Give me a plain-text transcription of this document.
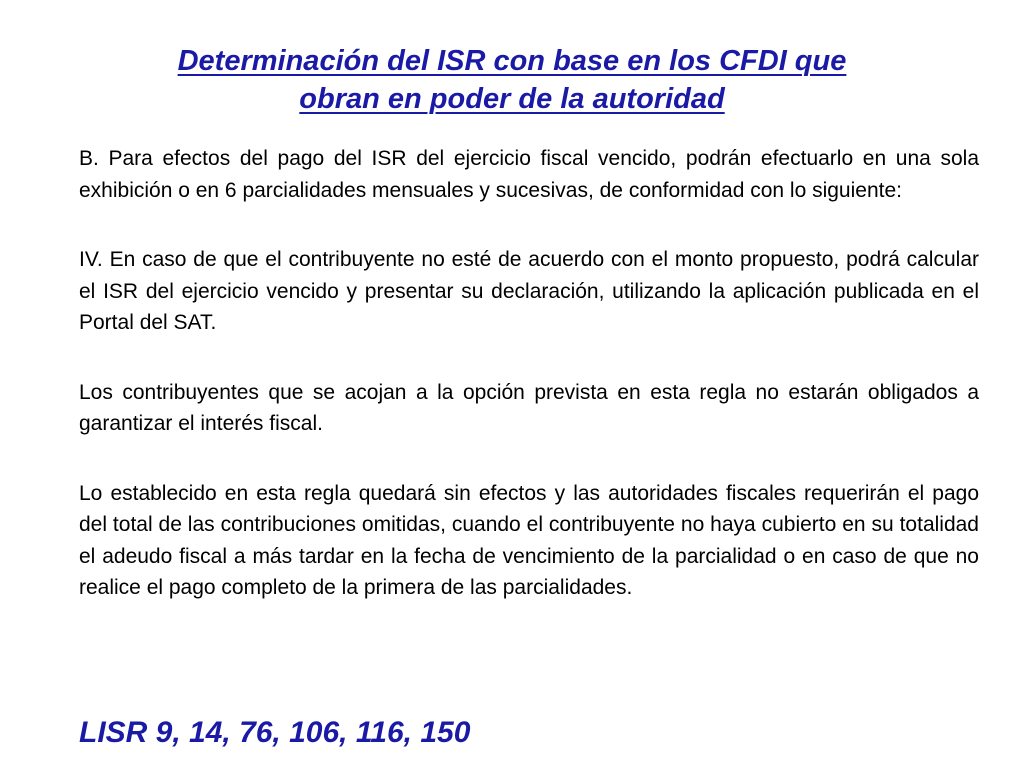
Determinación del ISR con base en los CFDI que
obran en poder de la autoridad

B. Para efectos del pago del ISR del ejercicio fiscal vencido, podrán efectuarlo en una sola exhibición o en 6 parcialidades mensuales y sucesivas, de conformidad con lo siguiente:

IV. En caso de que el contribuyente no esté de acuerdo con el monto propuesto, podrá calcular el ISR del ejercicio vencido y presentar su declaración, utilizando la aplicación publicada en el Portal del SAT.

Los contribuyentes que se acojan a la opción prevista en esta regla no estarán obligados a garantizar el interés fiscal.

Lo establecido en esta regla quedará sin efectos y las autoridades fiscales requerirán el pago del total de las contribuciones omitidas, cuando el contribuyente no haya cubierto en su totalidad el adeudo fiscal a más tardar en la fecha de vencimiento de la parcialidad o en caso de que no realice el pago completo de la primera de las parcialidades.

LISR 9, 14, 76, 106, 116, 150
